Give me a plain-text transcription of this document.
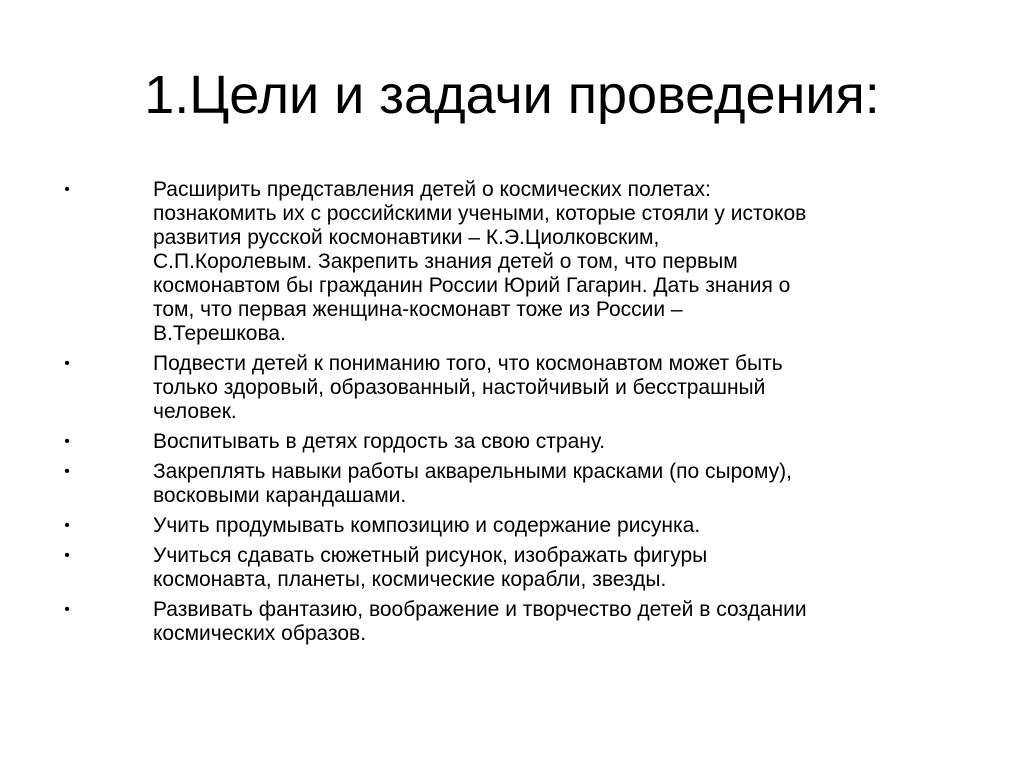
1.Цели и задачи проведения:
•	Расширить представления детей о космических полетах:
познакомить их с российскими учеными, которые стояли у истоков
развития русской космонавтики – К.Э.Циолковским,
С.П.Королевым. Закрепить знания детей о том, что первым
космонавтом бы гражданин России Юрий Гагарин. Дать знания о
том, что первая женщина-космонавт тоже из России –
В.Терешкова.
•	Подвести детей к пониманию того, что космонавтом может быть
только здоровый, образованный, настойчивый и бесстрашный
человек.
•	Воспитывать в детях гордость за свою страну.
•	Закреплять навыки работы акварельными красками (по сырому),
восковыми карандашами.
•	Учить продумывать композицию и содержание рисунка.
•	Учиться сдавать сюжетный рисунок, изображать фигуры
космонавта, планеты, космические корабли, звезды.
•	Развивать фантазию, воображение и творчество детей в создании
космических образов.
